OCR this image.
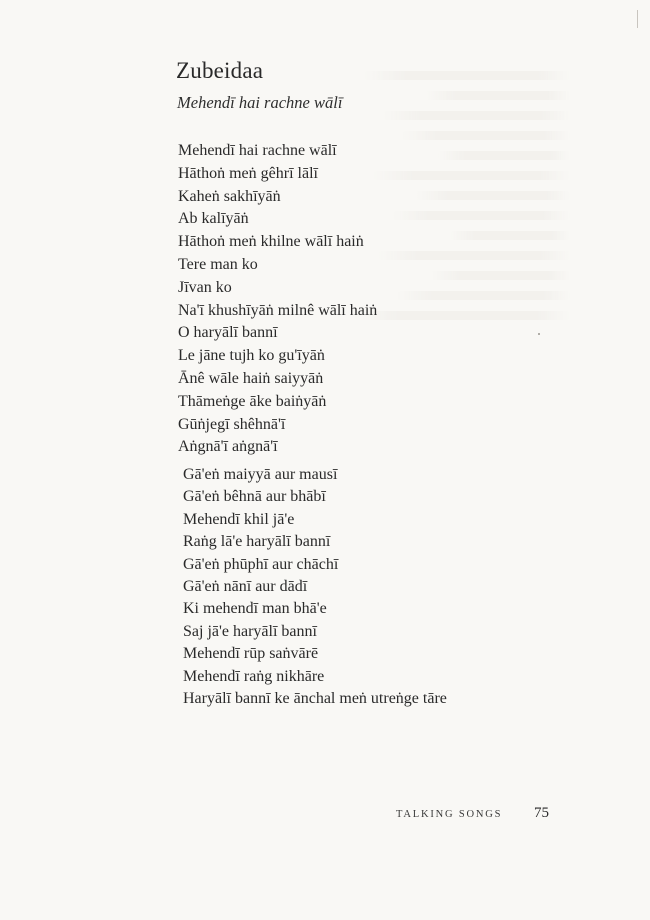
Zubeidaa

Mehendī hai rachne wālī

Mehendī hai rachne wālī
Hāthoṅ meṅ gêhrī lālī
Kaheṅ sakhīyāṅ
Ab kalīyāṅ
Hāthoṅ meṅ khilne wālī haiṅ
Tere man ko
Jīvan ko
Na'ī khushīyāṅ milnê wālī haiṅ
O haryālī bannī
Le jāne tujh ko gu'īyāṅ
Ānê wāle haiṅ saiyyāṅ
Thāmeṅge āke baiṅyāṅ
Gūṅjegī shêhnā'ī
Aṅgnā'ī aṅgnā'ī
Gā'eṅ maiyyā aur mausī
Gā'eṅ bêhnā aur bhābī
Mehendī khil jā'e
Raṅg lā'e haryālī bannī
Gā'eṅ phūphī aur chāchī
Gā'eṅ nānī aur dādī
Ki mehendī man bhā'e
Saj jā'e haryālī bannī
Mehendī rūp saṅvārē
Mehendī raṅg nikhāre
Haryālī bannī ke ānchal meṅ utreṅge tāre
TALKING SONGS 75
